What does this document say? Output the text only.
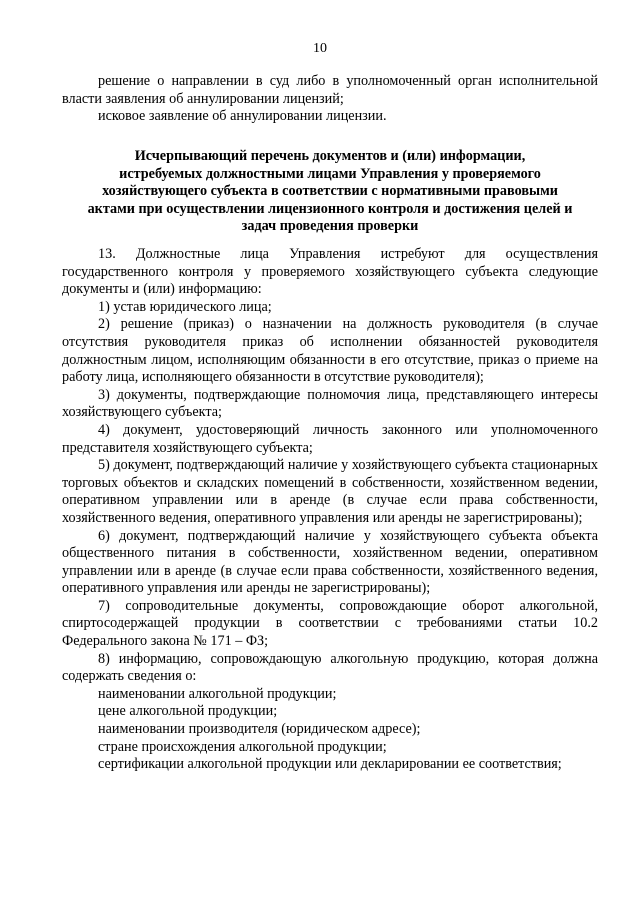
10

решение о направлении в суд либо в уполномоченный орган исполнительной власти заявления об аннулировании лицензий;

исковое заявление об аннулировании лицензии.

Исчерпывающий перечень документов и (или) информации,
истребуемых должностными лицами Управления у проверяемого
хозяйствующего субъекта в соответствии с нормативными правовыми
актами при осуществлении лицензионного контроля и достижения целей и
задач проведения проверки

13. Должностные лица Управления истребуют для осуществления государственного контроля у проверяемого хозяйствующего субъекта следующие документы и (или) информацию:

1) устав юридического лица;

2) решение (приказ) о назначении на должность руководителя (в случае отсутствия руководителя приказ об исполнении обязанностей руководителя должностным лицом, исполняющим обязанности в его отсутствие, приказ о приеме на работу лица, исполняющего обязанности в отсутствие руководителя);

3) документы, подтверждающие полномочия лица, представляющего интересы хозяйствующего субъекта;

4) документ, удостоверяющий личность законного или уполномоченного представителя хозяйствующего субъекта;

5) документ, подтверждающий наличие у хозяйствующего субъекта стационарных торговых объектов и складских помещений в собственности, хозяйственном ведении, оперативном управлении или в аренде (в случае если права собственности, хозяйственного ведения, оперативного управления или аренды не зарегистрированы);

6) документ, подтверждающий наличие у хозяйствующего субъекта объекта общественного питания в собственности, хозяйственном ведении, оперативном управлении или в аренде (в случае если права собственности, хозяйственного ведения, оперативного управления или аренды не зарегистрированы);

7) сопроводительные документы, сопровождающие оборот алкогольной, спиртосодержащей продукции в соответствии с требованиями статьи 10.2 Федерального закона № 171 – ФЗ;

8) информацию, сопровождающую алкогольную продукцию, которая должна содержать сведения о:

наименовании алкогольной продукции;

цене алкогольной продукции;

наименовании производителя (юридическом адресе);

стране происхождения алкогольной продукции;

сертификации алкогольной продукции или декларировании ее соответствия;
